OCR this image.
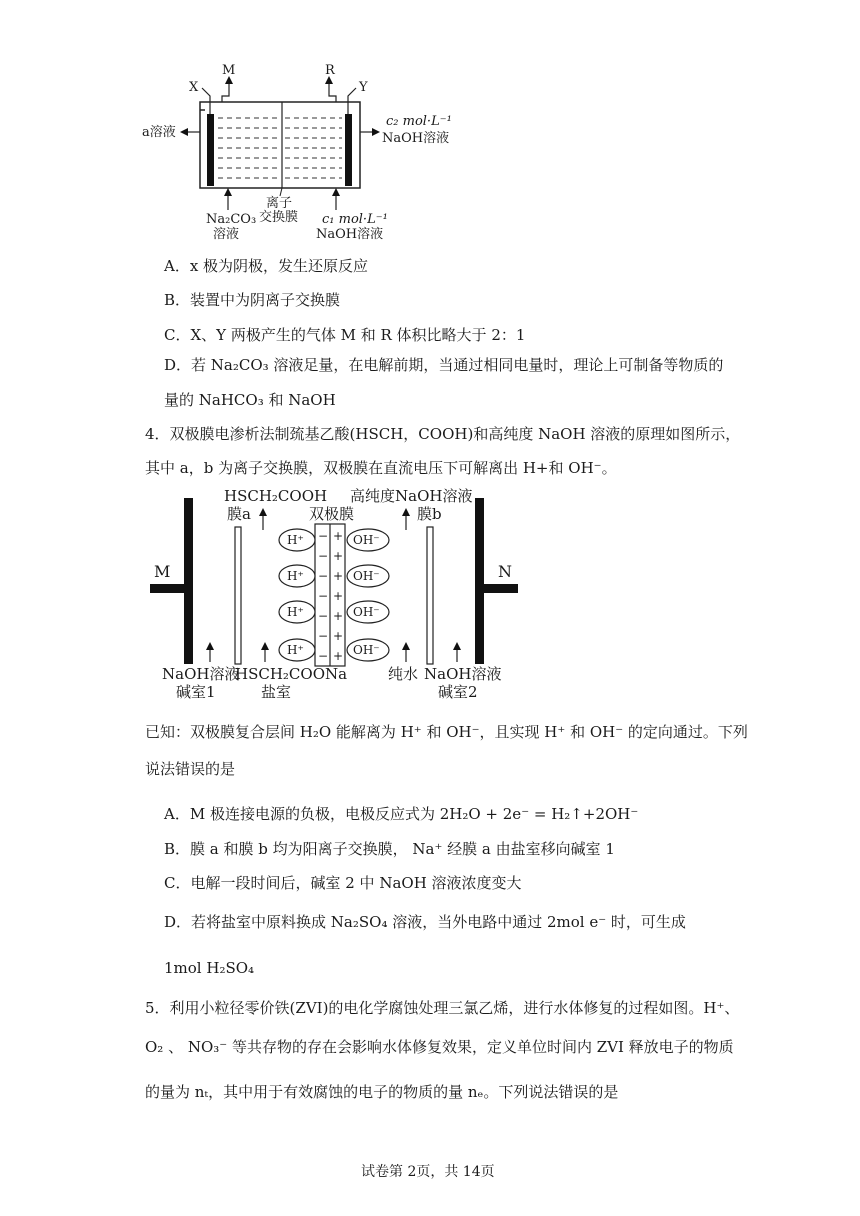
X
M	R
Y
a溶液
c₂ mol·L⁻¹
NaOH溶液
Na₂CO₃
溶液
离子
交换膜 c₁ mol·L⁻¹
NaOH溶液
A．x 极为阴极，发生还原反应
B．装置中为阴离子交换膜
C．X、Y 两极产生的气体 M 和 R 体积比略大于 2：1
D．若 Na₂CO₃ 溶液足量，在电解前期，当通过相同电量时，理论上可制备等物质的
量的 NaHCO₃ 和 NaOH
4．双极膜电渗析法制巯基乙酸(HSCH，COOH)和高纯度 NaOH 溶液的原理如图所示，
其中 a，b 为离子交换膜，双极膜在直流电压下可解离出 H+和 OH⁻。
HSCH₂COOH
膜a	双极膜
高纯度NaOH溶液
膜b
M	N
H⁺
H⁺
H⁺
H⁺
OH⁻
OH⁻
OH⁻
OH⁻
−
−
−
−
−
−
−
+
+
+
+
+
+
+
NaOH溶液
碱室1
HSCH₂COONa
盐室
纯水 NaOH溶液
碱室2
已知：双极膜复合层间 H₂O 能解离为 H⁺ 和 OH⁻，且实现 H⁺ 和 OH⁻ 的定向通过。下列
说法错误的是
A．M 极连接电源的负极，电极反应式为 2H₂O + 2e⁻ = H₂↑+2OH⁻
B．膜 a 和膜 b 均为阳离子交换膜， Na⁺ 经膜 a 由盐室移向碱室 1
C．电解一段时间后，碱室 2 中 NaOH 溶液浓度变大
D．若将盐室中原料换成 Na₂SO₄ 溶液，当外电路中通过 2mol e⁻ 时，可生成
1mol H₂SO₄
5．利用小粒径零价铁(ZVI)的电化学腐蚀处理三氯乙烯，进行水体修复的过程如图。H⁺、
O₂ 、 NO₃⁻ 等共存物的存在会影响水体修复效果，定义单位时间内 ZVI 释放电子的物质
的量为 nₜ，其中用于有效腐蚀的电子的物质的量 nₑ。下列说法错误的是
试卷第 2页，共 14页
